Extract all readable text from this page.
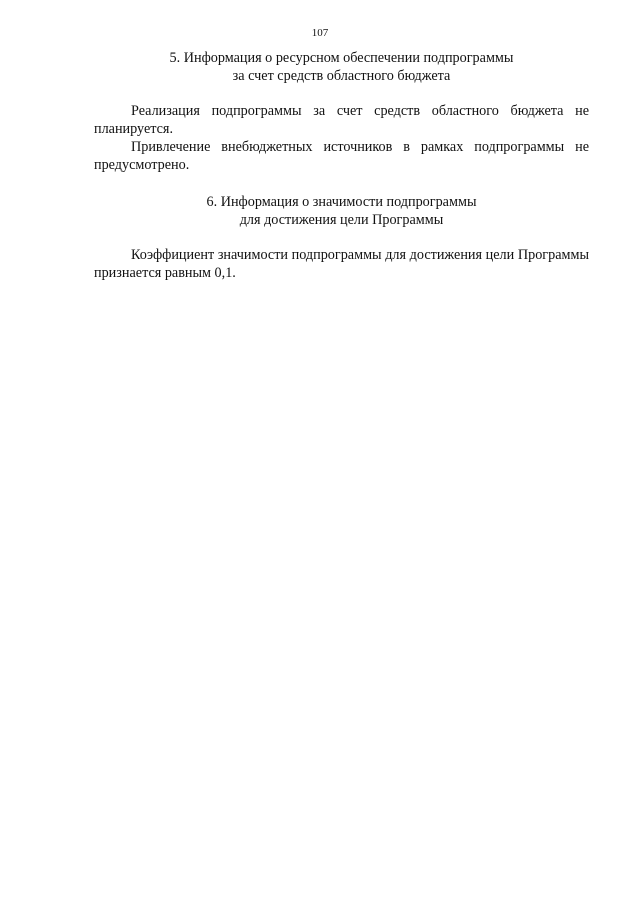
107
5. Информация о ресурсном обеспечении подпрограммы
за счет средств областного бюджета

Реализация подпрограммы за счет средств областного бюджета не планируется.

Привлечение внебюджетных источников в рамках подпрограммы не предусмотрено.

6. Информация о значимости подпрограммы
для достижения цели Программы

Коэффициент значимости подпрограммы для достижения цели Программы признается равным 0,1.
